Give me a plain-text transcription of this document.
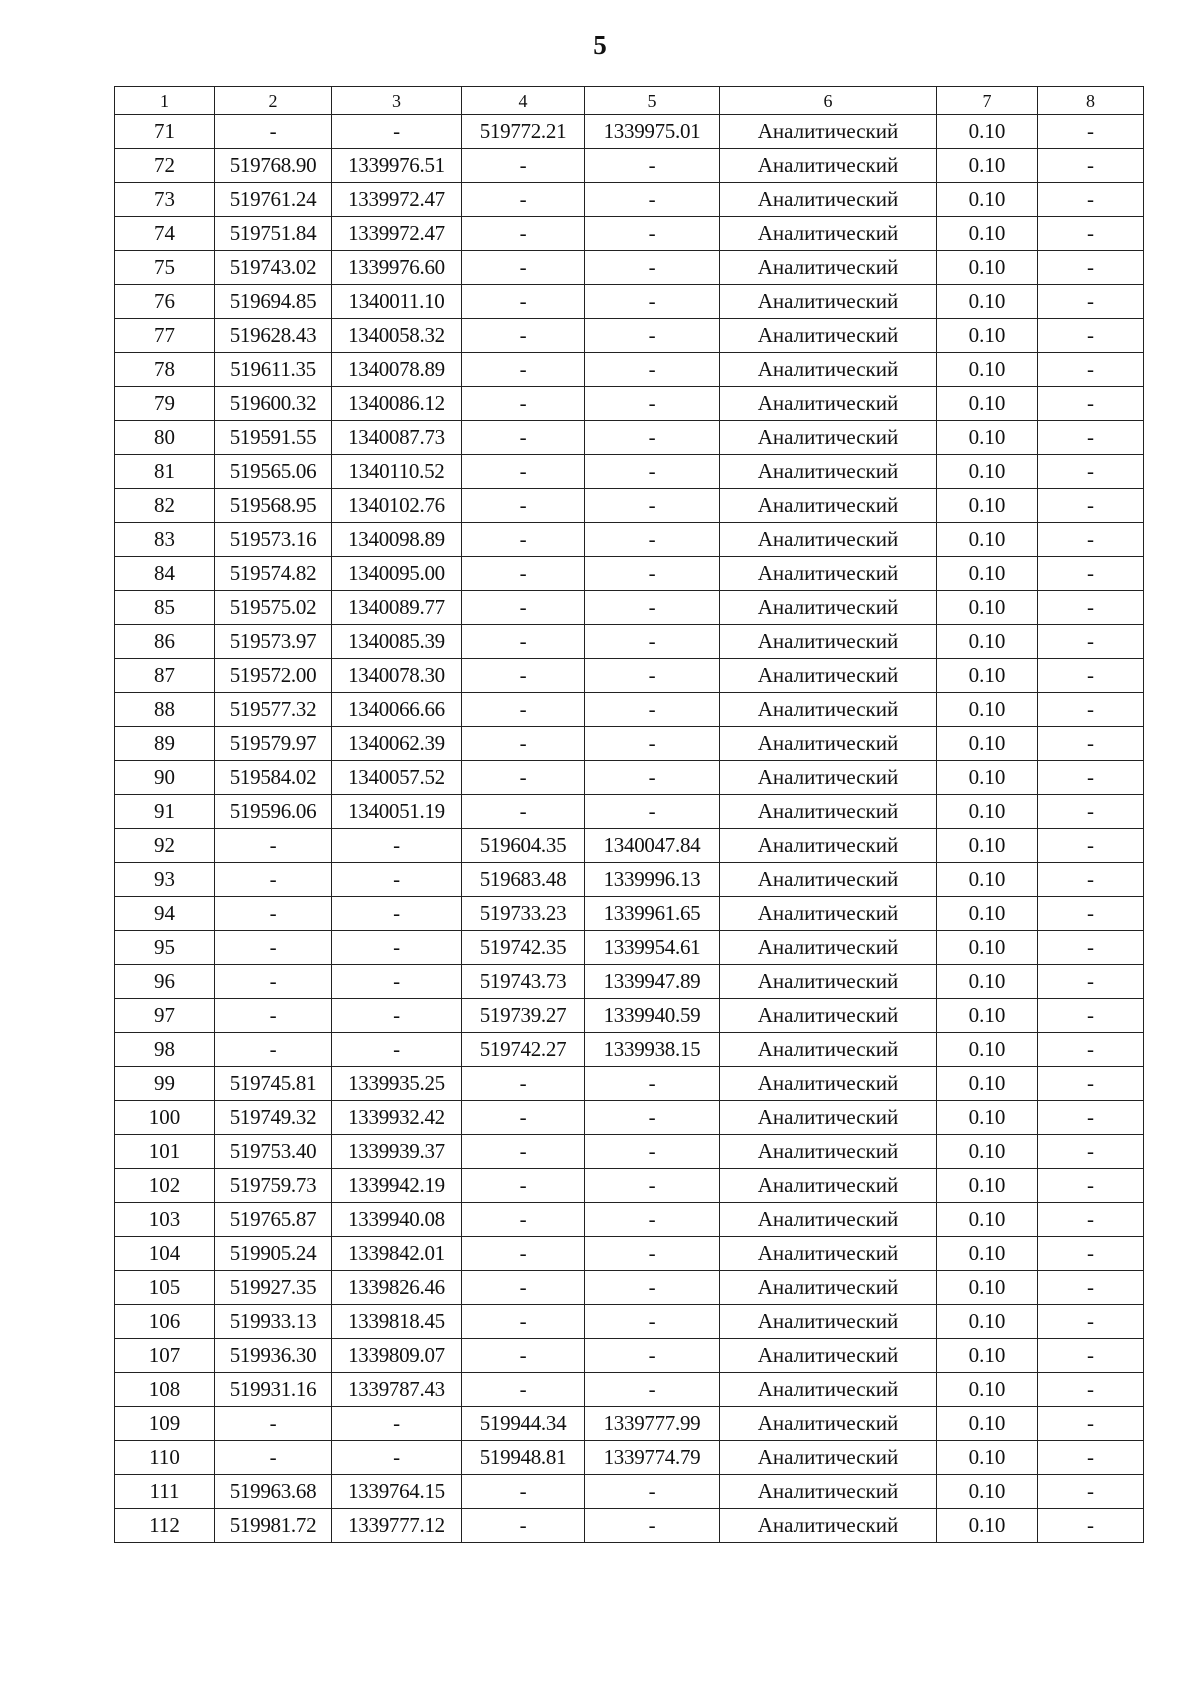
5
1	2	3	4	5	6	7	8
71	-	-	519772.21	1339975.01	Аналитический	0.10	-
72	519768.90	1339976.51	-	-	Аналитический	0.10	-
73	519761.24	1339972.47	-	-	Аналитический	0.10	-
74	519751.84	1339972.47	-	-	Аналитический	0.10	-
75	519743.02	1339976.60	-	-	Аналитический	0.10	-
76	519694.85	1340011.10	-	-	Аналитический	0.10	-
77	519628.43	1340058.32	-	-	Аналитический	0.10	-
78	519611.35	1340078.89	-	-	Аналитический	0.10	-
79	519600.32	1340086.12	-	-	Аналитический	0.10	-
80	519591.55	1340087.73	-	-	Аналитический	0.10	-
81	519565.06	1340110.52	-	-	Аналитический	0.10	-
82	519568.95	1340102.76	-	-	Аналитический	0.10	-
83	519573.16	1340098.89	-	-	Аналитический	0.10	-
84	519574.82	1340095.00	-	-	Аналитический	0.10	-
85	519575.02	1340089.77	-	-	Аналитический	0.10	-
86	519573.97	1340085.39	-	-	Аналитический	0.10	-
87	519572.00	1340078.30	-	-	Аналитический	0.10	-
88	519577.32	1340066.66	-	-	Аналитический	0.10	-
89	519579.97	1340062.39	-	-	Аналитический	0.10	-
90	519584.02	1340057.52	-	-	Аналитический	0.10	-
91	519596.06	1340051.19	-	-	Аналитический	0.10	-
92	-	-	519604.35	1340047.84	Аналитический	0.10	-
93	-	-	519683.48	1339996.13	Аналитический	0.10	-
94	-	-	519733.23	1339961.65	Аналитический	0.10	-
95	-	-	519742.35	1339954.61	Аналитический	0.10	-
96	-	-	519743.73	1339947.89	Аналитический	0.10	-
97	-	-	519739.27	1339940.59	Аналитический	0.10	-
98	-	-	519742.27	1339938.15	Аналитический	0.10	-
99	519745.81	1339935.25	-	-	Аналитический	0.10	-
100	519749.32	1339932.42	-	-	Аналитический	0.10	-
101	519753.40	1339939.37	-	-	Аналитический	0.10	-
102	519759.73	1339942.19	-	-	Аналитический	0.10	-
103	519765.87	1339940.08	-	-	Аналитический	0.10	-
104	519905.24	1339842.01	-	-	Аналитический	0.10	-
105	519927.35	1339826.46	-	-	Аналитический	0.10	-
106	519933.13	1339818.45	-	-	Аналитический	0.10	-
107	519936.30	1339809.07	-	-	Аналитический	0.10	-
108	519931.16	1339787.43	-	-	Аналитический	0.10	-
109	-	-	519944.34	1339777.99	Аналитический	0.10	-
110	-	-	519948.81	1339774.79	Аналитический	0.10	-
111	519963.68	1339764.15	-	-	Аналитический	0.10	-
112	519981.72	1339777.12	-	-	Аналитический	0.10	-
